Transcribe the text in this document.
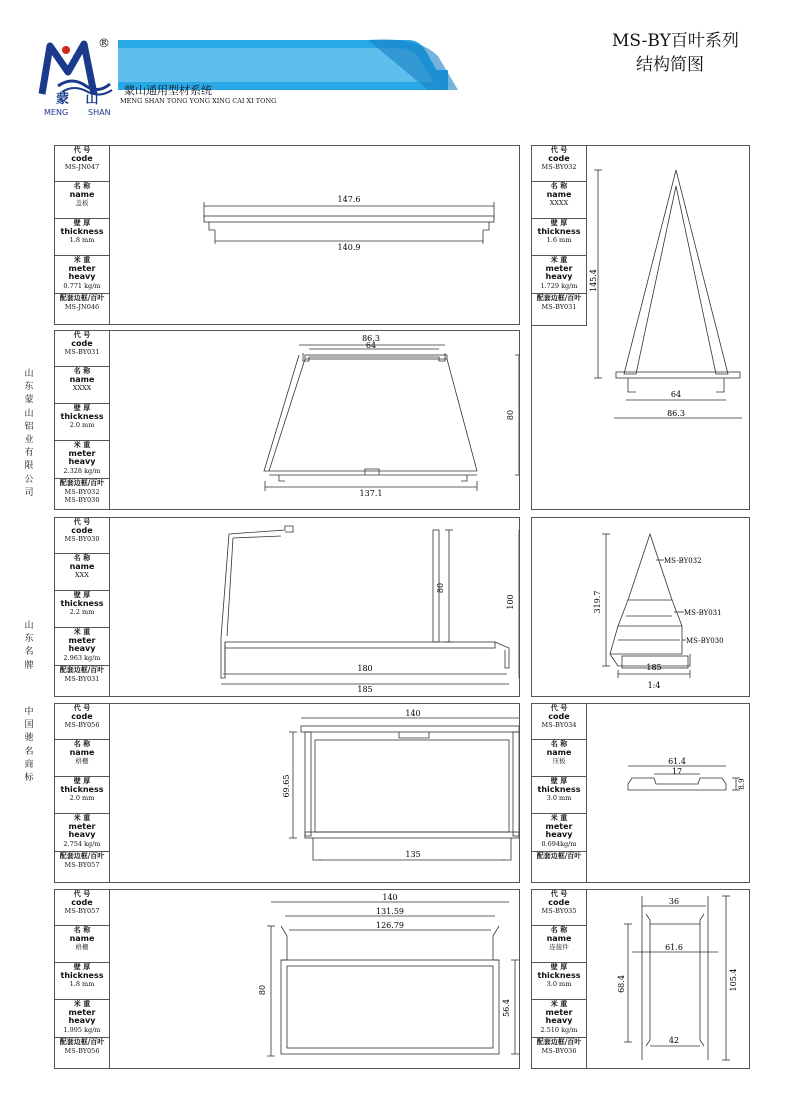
®
蒙 山
MENG SHAN
蒙山通用型材系统
MENG SHAN TONG YONG XING CAI XI TONG
MS-BY百叶系列
结构简图
山
东
蒙
山
铝
业
有
限
公
司
山
东
名
牌
中
国
驰
名
商
标
代 号
code
MS-JN047
名 称
name
盖板
壁 厚
thickness
1.8 mm
米 重
meter heavy
0.771 kg/m
配套边框/百叶
MS-JN046
147.6
140.9
代 号
code
MS-BY032
名 称
name
XXXX
壁 厚
thickness
1.6 mm
米 重
meter heavy
1.729 kg/m
配套边框/百叶
MS-BY031
145.4
64
86.3
代 号
code
MS-BY031
名 称
name
XXXX
壁 厚
thickness
2.0 mm
米 重
meter heavy
2.328 kg/m
配套边框/百叶
MS-BY032
MS-BY030
86.3
64
80
137.1
代 号
code
MS-BY030
名 称
name
XXX
壁 厚
thickness
2.2 mm
米 重
meter heavy
2.963 kg/m
配套边框/百叶
MS-BY031
80
100
180
185
MS-BY032
MS-BY031
MS-BY030
319.7
185
1:4
代 号
code
MS-BY056
名 称
name
格栅
壁 厚
thickness
2.0 mm
米 重
meter heavy
2.754 kg/m
配套边框/百叶
MS-BY057
140
69.65
135
代 号
code
MS-BY034
名 称
name
压板
壁 厚
thickness
3.0 mm
米 重
meter heavy
0.694kg/m
配套边框/百叶
61.4
17
8.9
代 号
code
MS-BY057
名 称
name
格栅
壁 厚
thickness
1.8 mm
米 重
meter heavy
1.995 kg/m
配套边框/百叶
MS-BY056
140
131.59
126.79
80
56.4
代 号
code
MS-BY035
名 称
name
连接件
壁 厚
thickness
3.0 mm
米 重
meter heavy
2.510 kg/m
配套边框/百叶
MS-BY036
36
61.6
68.4	105.4
42
